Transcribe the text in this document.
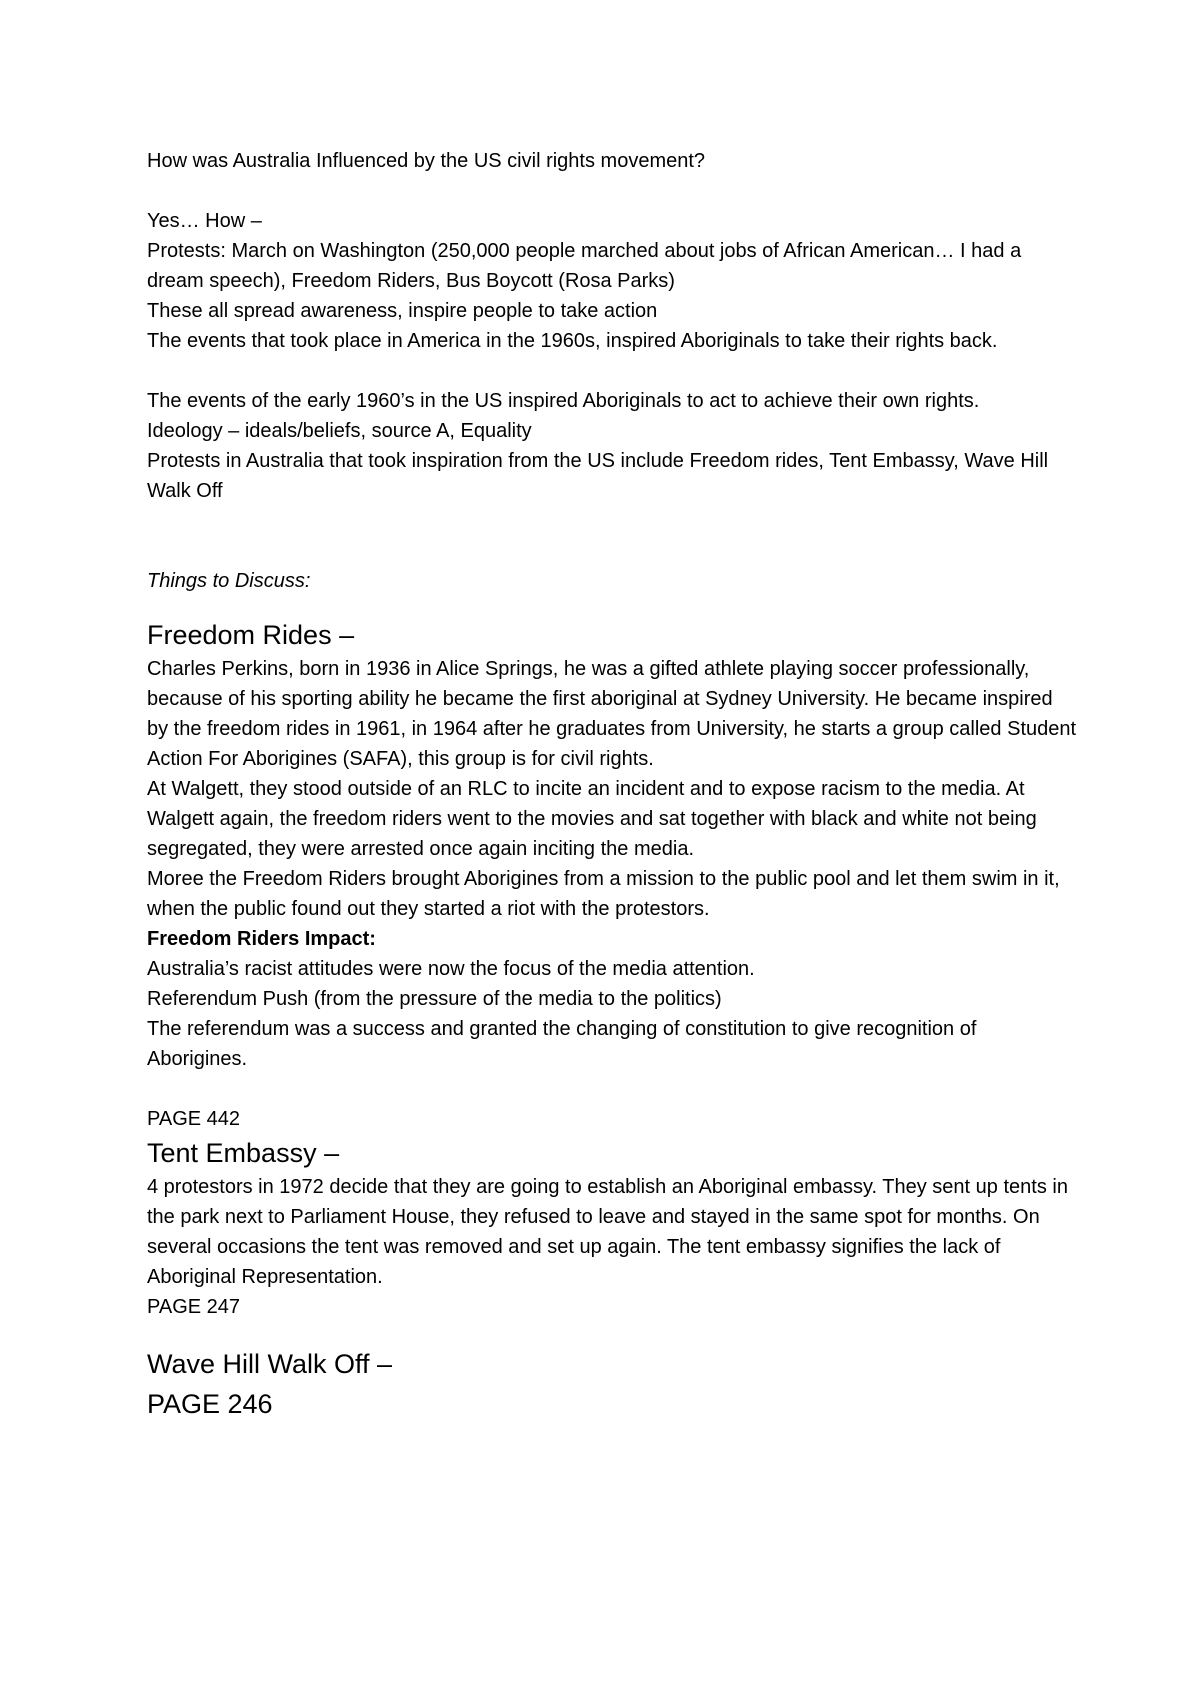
How was Australia Influenced by the US civil rights movement?

Yes… How –

Protests: March on Washington (250,000 people marched about jobs of African American… I had a dream speech), Freedom Riders, Bus Boycott (Rosa Parks)

These all spread awareness, inspire people to take action

The events that took place in America in the 1960s, inspired Aboriginals to take their rights back.

The events of the early 1960’s in the US inspired Aboriginals to act to achieve their own rights.

Ideology – ideals/beliefs, source A, Equality

Protests in Australia that took inspiration from the US include Freedom rides, Tent Embassy, Wave Hill Walk Off

Things to Discuss:

Freedom Rides –

Charles Perkins, born in 1936 in Alice Springs, he was a gifted athlete playing soccer professionally, because of his sporting ability he became the first aboriginal at Sydney University. He became inspired by the freedom rides in 1961, in 1964 after he graduates from University, he starts a group called Student Action For Aborigines (SAFA), this group is for civil rights.

At Walgett, they stood outside of an RLC to incite an incident and to expose racism to the media. At Walgett again, the freedom riders went to the movies and sat together with black and white not being segregated, they were arrested once again inciting the media.

Moree the Freedom Riders brought Aborigines from a mission to the public pool and let them swim in it, when the public found out they started a riot with the protestors.

Freedom Riders Impact:

Australia’s racist attitudes were now the focus of the media attention.

Referendum Push (from the pressure of the media to the politics)

The referendum was a success and granted the changing of constitution to give recognition of Aborigines.

PAGE 442

Tent Embassy –

4 protestors in 1972 decide that they are going to establish an Aboriginal embassy. They sent up tents in the park next to Parliament House, they refused to leave and stayed in the same spot for months. On several occasions the tent was removed and set up again. The tent embassy signifies the lack of Aboriginal Representation.

PAGE 247

Wave Hill Walk Off –

PAGE 246
